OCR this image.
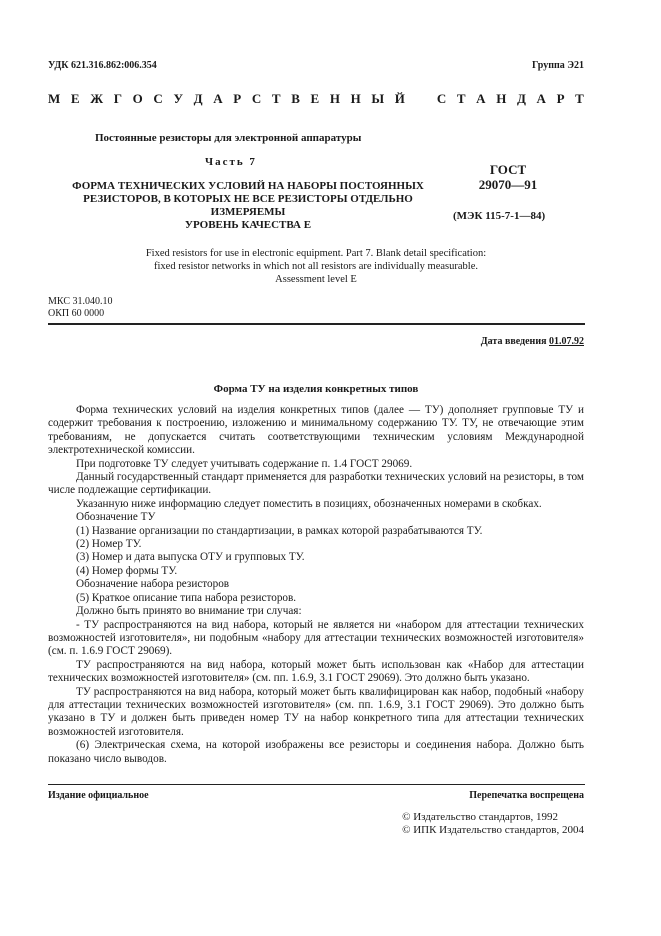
УДК 621.316.862:006.354	Группа Э21
М Е Ж Г О С У Д А Р С Т В Е Н Н Ы Й С Т А Н Д А Р Т
Постоянные резисторы для электронной аппаратуры
Часть 7
ФОРМА ТЕХНИЧЕСКИХ УСЛОВИЙ НА НАБОРЫ ПОСТОЯННЫХ
РЕЗИСТОРОВ, В КОТОРЫХ НЕ ВСЕ РЕЗИСТОРЫ ОТДЕЛЬНО
ИЗМЕРЯЕМЫ
УРОВЕНЬ КАЧЕСТВА Е
ГОСТ
29070—91
(МЭК 115-7-1—84)
Fixed resistors for use in electronic equipment. Part 7. Blank detail specification:
fixed resistor networks in which not all resistors are individually measurable.
Assessment level E
МКС 31.040.10
ОКП 60 0000
Дата введения 01.07.92
Форма ТУ на изделия конкретных типов

Форма технических условий на изделия конкретных типов (далее — ТУ) дополняет групповые ТУ и содержит требования к построению, изложению и минимальному содержанию ТУ. ТУ, не отвечающие этим требованиям, не допускается считать соответствующими техническим условиям Международной электротехнической комиссии.

При подготовке ТУ следует учитывать содержание п. 1.4 ГОСТ 29069.

Данный государственный стандарт применяется для разработки технических условий на резисторы, в том числе подлежащие сертификации.

Указанную ниже информацию следует поместить в позициях, обозначенных номерами в скобках.

Обозначение ТУ

(1) Название организации по стандартизации, в рамках которой разрабатываются ТУ.

(2) Номер ТУ.

(3) Номер и дата выпуска ОТУ и групповых ТУ.

(4) Номер формы ТУ.

Обозначение набора резисторов

(5) Краткое описание типа набора резисторов.

Должно быть принято во внимание три случая:

- ТУ распространяются на вид набора, который не является ни «набором для аттестации технических возможностей изготовителя», ни подобным «набору для аттестации технических возможностей изготовителя» (см. п. 1.6.9 ГОСТ 29069).

ТУ распространяются на вид набора, который может быть использован как «Набор для аттестации технических возможностей изготовителя» (см. пп. 1.6.9, 3.1 ГОСТ 29069). Это должно быть указано.

ТУ распространяются на вид набора, который может быть квалифицирован как набор, подобный «набору для аттестации технических возможностей изготовителя» (см. пп. 1.6.9, 3.1 ГОСТ 29069). Это должно быть указано в ТУ и должен быть приведен номер ТУ на набор конкретного типа для аттестации технических возможностей изготовителя.

(6) Электрическая схема, на которой изображены все резисторы и соединения набора. Должно быть показано число выводов.

Издание официальное	Перепечатка воспрещена
© Издательство стандартов, 1992
© ИПК Издательство стандартов, 2004
